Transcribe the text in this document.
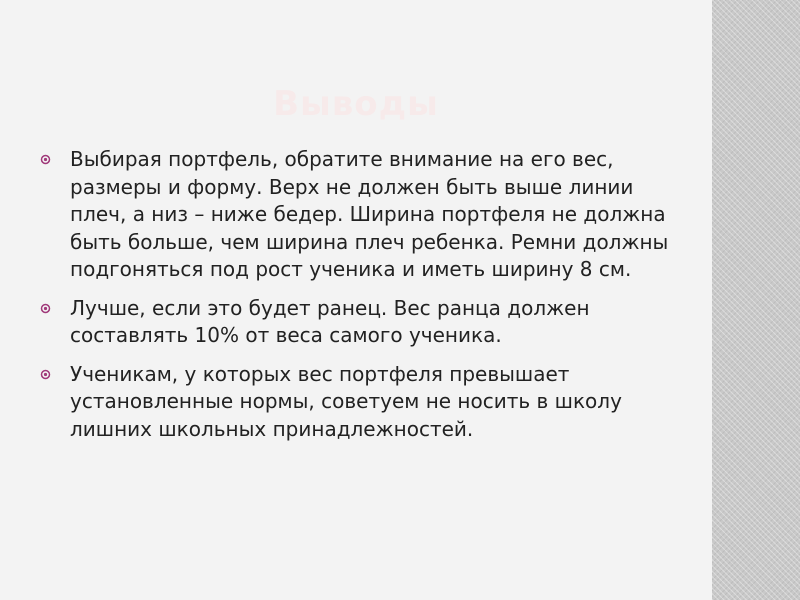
Выводы
Выбирая портфель, обратите внимание на его вес, размеры и форму. Верх не должен быть выше линии плеч, а низ – ниже бедер. Ширина портфеля не должна быть больше, чем ширина плеч ребенка. Ремни должны подгоняться под рост ученика и иметь ширину 8 см.
Лучше, если это будет ранец. Вес ранца должен составлять 10% от веса самого ученика.
Ученикам, у которых вес портфеля превышает установленные нормы, советуем не носить в школу лишних школьных принадлежностей.
